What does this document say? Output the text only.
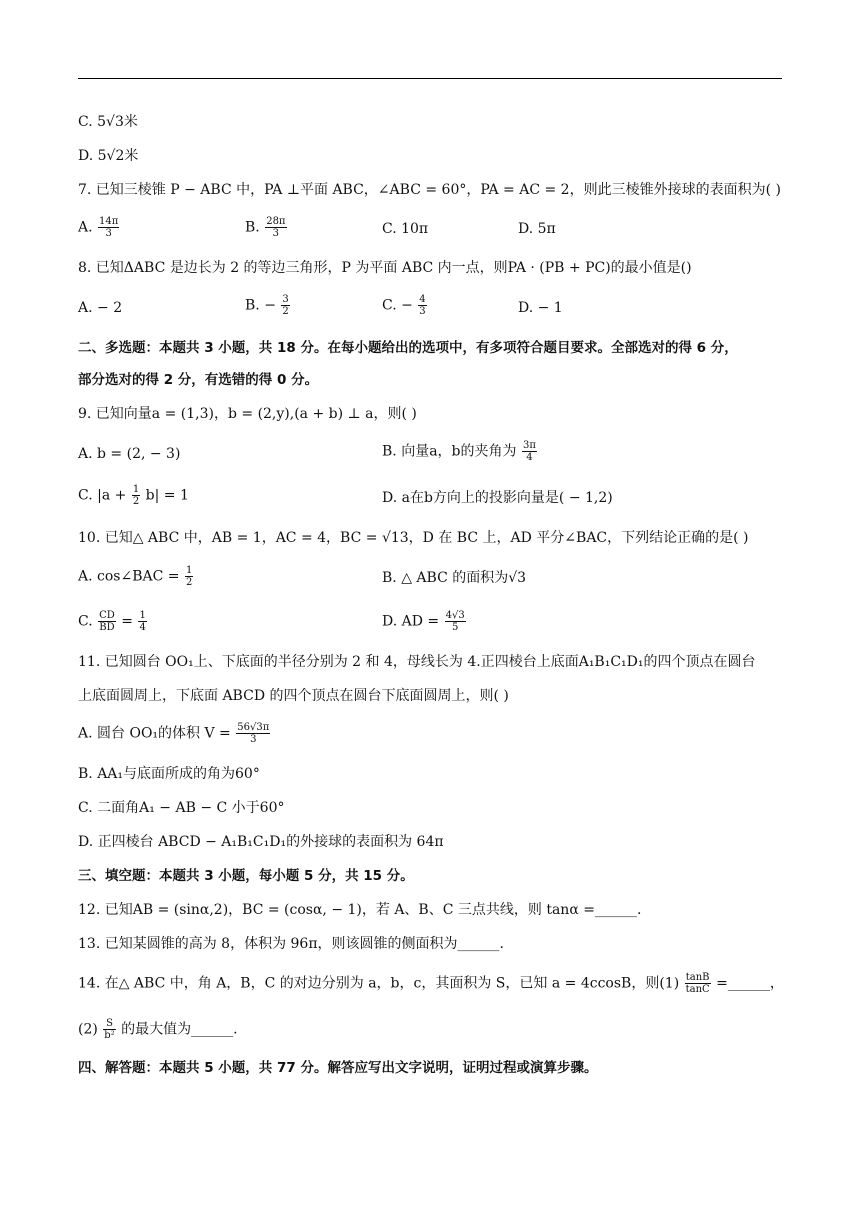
C. 5√3米
D. 5√2米
7. 已知三棱锥 P − ABC 中，PA ⊥平面 ABC，∠ABC = 60°，PA = AC = 2，则此三棱锥外接球的表面积为( )
A. $\frac{14\pi}{3}$	B. $\frac{28\pi}{3}$	C. 10π	D. 5π
8. 已知ΔABC 是边长为 2 的等边三角形，P 为平面 ABC 内一点，则PA · (PB + PC)的最小值是()
A. − 2	B. − $\frac{3}{2}$	C. − $\frac{4}{3}$	D. − 1
二、多选题：本题共 3 小题，共 18 分。在每小题给出的选项中，有多项符合题目要求。全部选对的得 6 分，
部分选对的得 2 分，有选错的得 0 分。
9. 已知向量a = (1,3)，b = (2,y),(a + b) ⊥ a，则( )
A. b = (2, − 3)	B. 向量a，b的夹角为 $\frac{3\pi}{4}$
C. $|a + \frac{1}{2} b| = 1$	D. a在b方向上的投影向量是( − 1,2)
10. 已知△ ABC 中，AB = 1，AC = 4，BC = √13，D 在 BC 上，AD 平分∠BAC，下列结论正确的是( )
A. cos∠BAC = $\frac{1}{2}$	B. △ ABC 的面积为√3
C. $\frac{CD}{BD} = \frac{1}{4}$	D. AD = $\frac{4√3}{5}$
11. 已知圆台 OO₁上、下底面的半径分别为 2 和 4，母线长为 4.正四棱台上底面A₁B₁C₁D₁的四个顶点在圆台
上底面圆周上，下底面 ABCD 的四个顶点在圆台下底面圆周上，则( )
A. 圆台 OO₁的体积 $V = \frac{56√3\pi}{3}$
B. AA₁与底面所成的角为60°
C. 二面角A₁ − AB − C 小于60°
D. 正四棱台 ABCD − A₁B₁C₁D₁的外接球的表面积为 64π
三、填空题：本题共 3 小题，每小题 5 分，共 15 分。
12. 已知AB = (sinα,2)，BC = (cosα, − 1)，若 A、B、C 三点共线，则 tanα =______.
13. 已知某圆锥的高为 8，体积为 96π，则该圆锥的侧面积为______.
14. 在△ ABC 中，角 A，B，C 的对边分别为 a，b，c，其面积为 S，已知 a = 4ccosB，则$(1) \frac{\tan B}{\tan C}$ =______，
$(2) \frac{S}{\text{b²}}$ 的最大值为______.
四、解答题：本题共 5 小题，共 77 分。解答应写出文字说明，证明过程或演算步骤。
